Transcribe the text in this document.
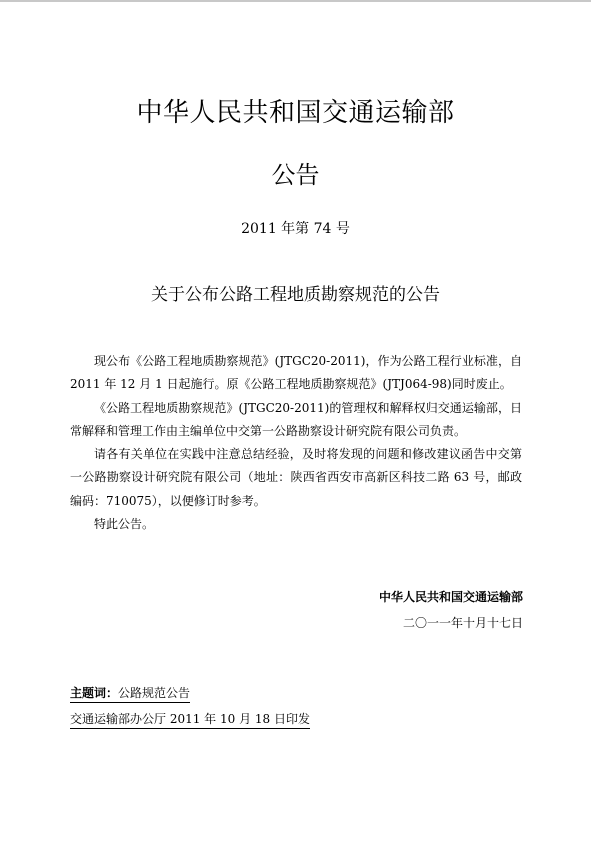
中华人民共和国交通运输部
公告
2011 年第 74 号
关于公布公路工程地质勘察规范的公告

现公布《公路工程地质勘察规范》(JTGC20-2011)，作为公路工程行业标准，自 2011 年 12 月 1 日起施行。原《公路工程地质勘察规范》(JTJ064-98)同时废止。

《公路工程地质勘察规范》(JTGC20-2011)的管理权和解释权归交通运输部，日常解释和管理工作由主编单位中交第一公路勘察设计研究院有限公司负责。

请各有关单位在实践中注意总结经验，及时将发现的问题和修改建议函告中交第一公路勘察设计研究院有限公司（地址：陕西省西安市高新区科技二路 63 号，邮政编码：710075），以便修订时参考。

特此公告。

中华人民共和国交通运输部
二〇一一年十月十七日
主题词：公路规范公告
交通运输部办公厅 2011 年 10 月 18 日印发
